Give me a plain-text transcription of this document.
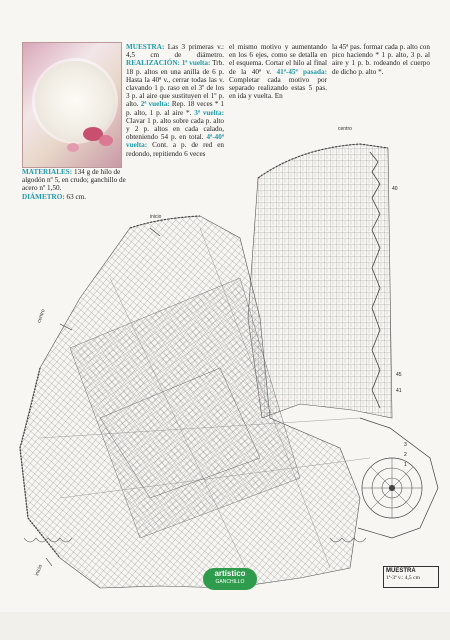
MUESTRA: Las 3 primeras v.: 4,5 cm de diámetro. REALIZACIÓN: 1ª vuelta: Trb. 18 p. altos en una anilla de 6 p. Hasta la 40ª v., cerrar todas las v. clavando 1 p. raso en el 3º de los 3 p. al aire que sustituyen el 1º p. alto. 2ª vuelta: Rep. 18 veces * 1 p. alto, 1 p. al aire *. 3ª vuelta: Clavar 1 p. alto sobre cada p. alto y 2 p. altos en cada calado, obteniendo 54 p. en total. 4ª-40ª vuelta: Cont. a p. de red en redondo, repitiendo 6 veces

el mismo motivo y aumentando en los 6 ejes, como se detalla en el esquema. Cortar el hilo al final de la 40ª v. 41ª-45ª pasada: Completar cada motivo por separado realizando estas 5 pas. en ida y vuelta. En

la 45ª pas. formar cada p. alto con pico haciendo * 1 p. alto, 3 p. al aire y 1 p. b. rodeando el cuerpo de dicho p. alto *.

MATERIALES: 134 g de hilo de algodón nº 5, en crudo; ganchillo de acero nº 1,50.
DIÁMETRO: 63 cm.

centro
inicio
centro
inicio
40
45
41
3
2
1
artístico
GANCHILLO
MUESTRA
1ª-3ª v.: 4,5 cm
